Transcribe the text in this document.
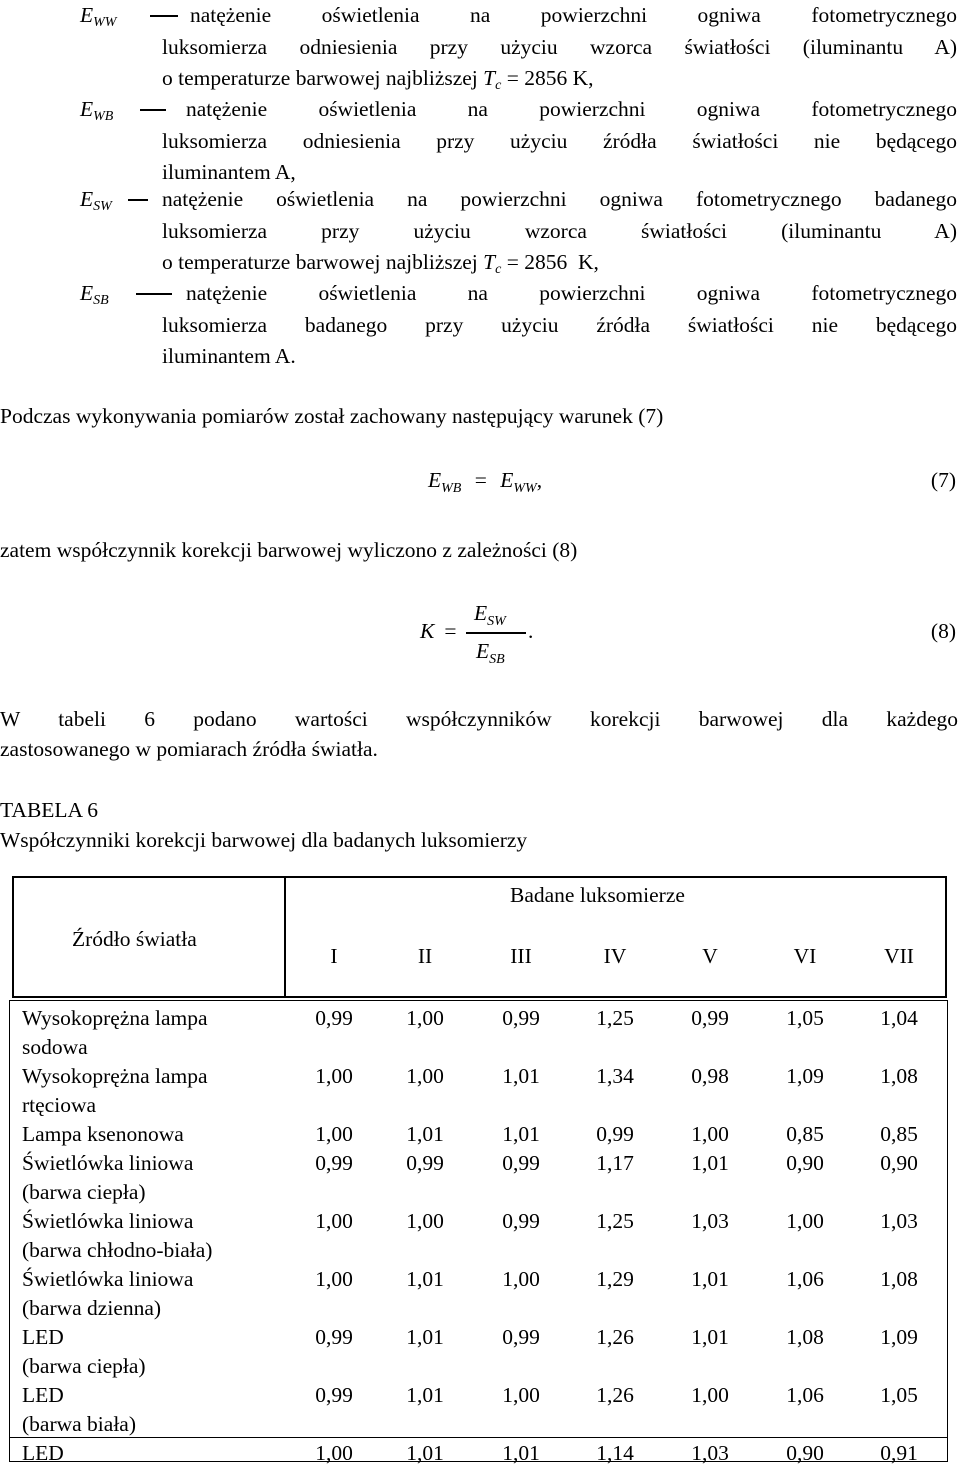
$E_{WW}$	natężenie oświetlenia na powierzchni ogniwa fotometrycznego
luksomierza odniesienia przy użyciu wzorca światłości (iluminantu A)
o temperaturze barwowej najbliższej Tc = 2856 K,
$E_{WB}$	natężenie oświetlenia na powierzchni ogniwa fotometrycznego
luksomierza odniesienia przy użyciu źródła światłości nie będącego
iluminantem A,
$E_{SW}$ natężenie oświetlenia na powierzchni ogniwa fotometrycznego badanego
luksomierza przy użyciu wzorca światłości (iluminantu A)
o temperaturze barwowej najbliższej Tc = 2856  K,
$E_{SB}$	natężenie oświetlenia na powierzchni ogniwa fotometrycznego
luksomierza badanego przy użyciu źródła światłości nie będącego
iluminantem A.
Podczas wykonywania pomiarów został zachowany następujący warunek (7)
$E_{WB} = E_{WW}$,	(7)
zatem współczynnik korekcji barwowej wyliczono z zależności (8)
K =
$E_{SW}$
$E_{SB}$
.	(8)
W tabeli 6 podano wartości współczynników korekcji barwowej dla każdego
zastosowanego w pomiarach źródła światła.
TABELA 6
Współczynniki korekcji barwowej dla badanych luksomierzy
Źródło światła
Badane luksomierze
I	II	III	IV	V	VI	VII
Wysokoprężna lampa
sodowa
0,99	1,00	0,99	1,25	0,99	1,05	1,04
Wysokoprężna lampa
rtęciowa
1,00	1,00	1,01	1,34	0,98	1,09	1,08
Lampa ksenonowa	1,00	1,01	1,01	0,99	1,00	0,85	0,85
Świetlówka liniowa
(barwa ciepła)
0,99	0,99	0,99	1,17	1,01	0,90	0,90
Świetlówka liniowa
(barwa chłodno-biała)
1,00	1,00	0,99	1,25	1,03	1,00	1,03
Świetlówka liniowa
(barwa dzienna)
1,00	1,01	1,00	1,29	1,01	1,06	1,08
LED
(barwa ciepła)
0,99	1,01	0,99	1,26	1,01	1,08	1,09
LED
(barwa biała)
0,99	1,01	1,00	1,26	1,00	1,06	1,05
LED	1,00	1,01	1,01	1,14	1,03	0,90	0,91
